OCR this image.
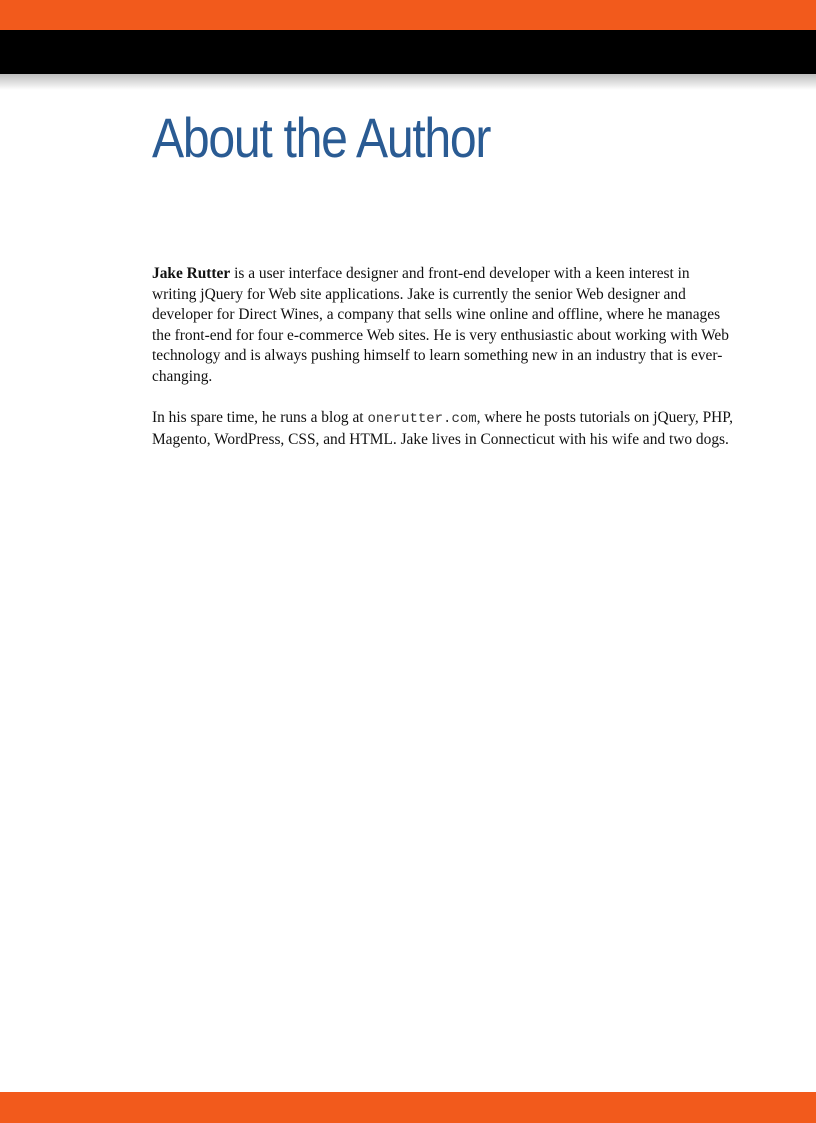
About the Author

Jake Rutter is a user interface designer and front-end developer with a keen interest in writing jQuery for Web site applications. Jake is currently the senior Web designer and developer for Direct Wines, a company that sells wine online and offline, where he manages the front-end for four e-commerce Web sites. He is very enthusiastic about working with Web technology and is always pushing himself to learn something new in an industry that is ever-changing.

In his spare time, he runs a blog at onerutter.com, where he posts tutorials on jQuery, PHP, Magento, WordPress, CSS, and HTML. Jake lives in Connecticut with his wife and two dogs.
